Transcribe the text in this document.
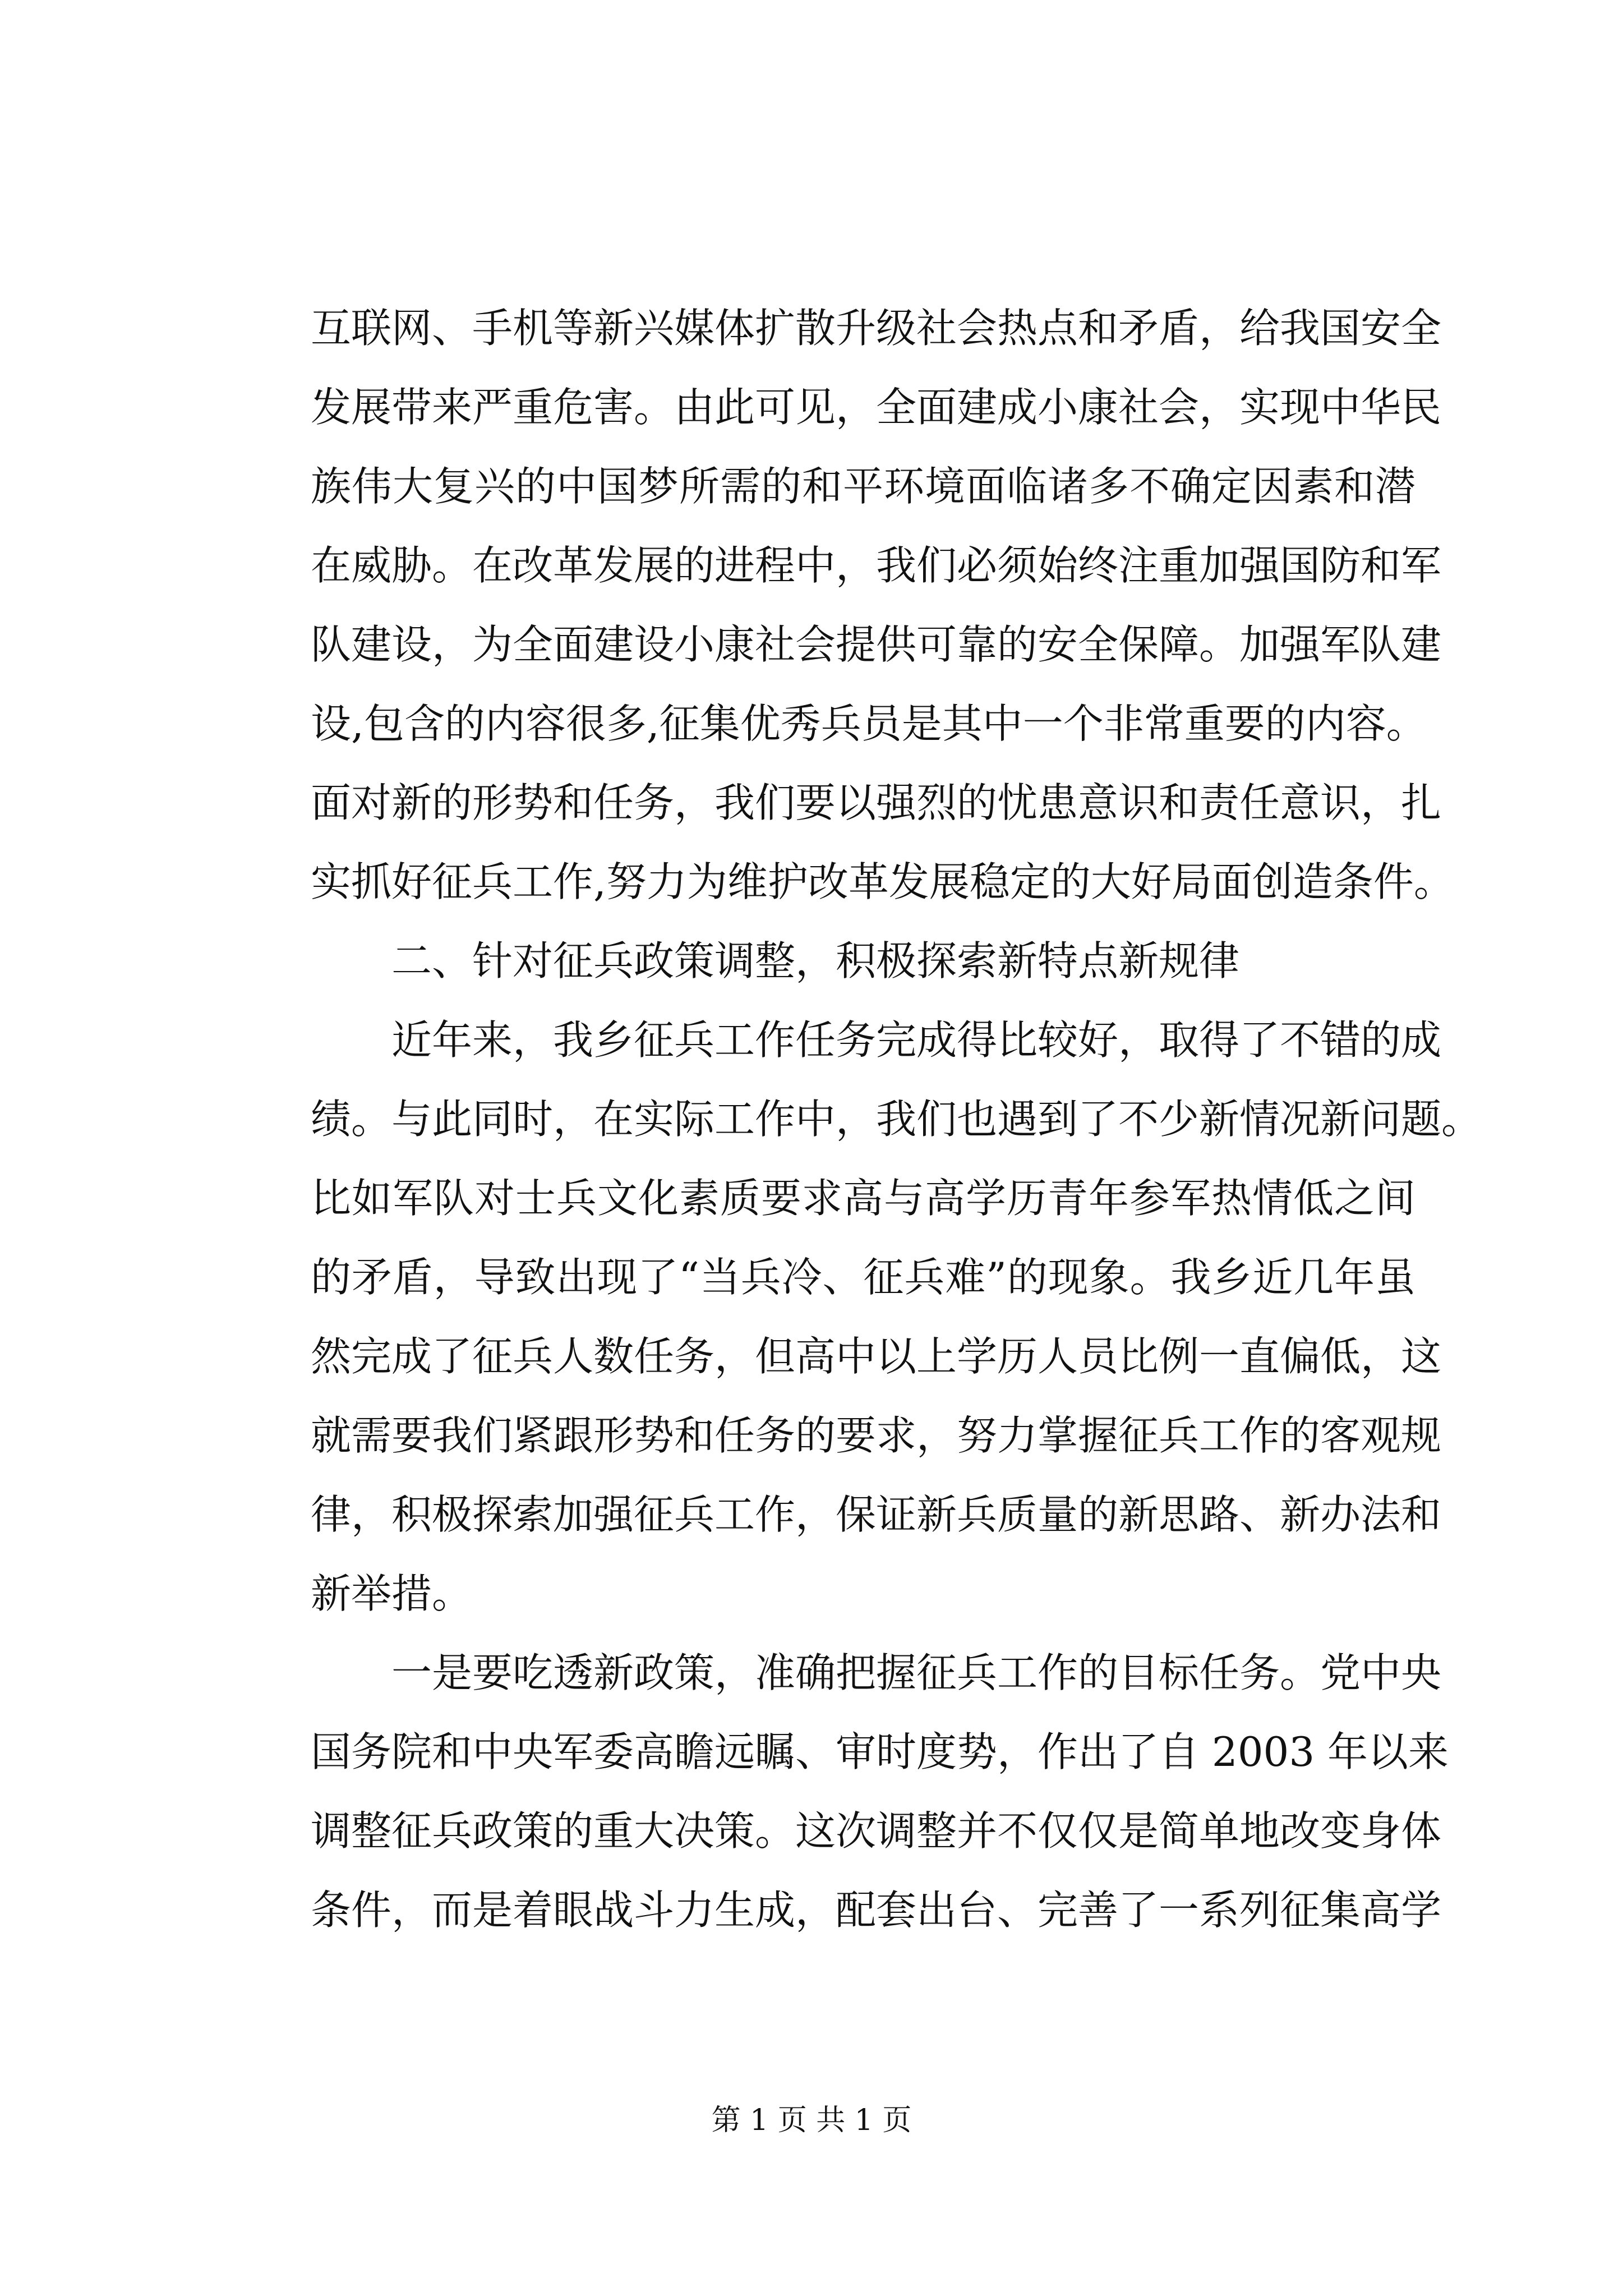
互联网、手机等新兴媒体扩散升级社会热点和矛盾，给我国安全
发展带来严重危害。由此可见，全面建成小康社会，实现中华民
族伟大复兴的中国梦所需的和平环境面临诸多不确定因素和潜
在威胁。在改革发展的进程中，我们必须始终注重加强国防和军
队建设，为全面建设小康社会提供可靠的安全保障。加强军队建
设,包含的内容很多,征集优秀兵员是其中一个非常重要的内容。
面对新的形势和任务，我们要以强烈的忧患意识和责任意识，扎
实抓好征兵工作,努力为维护改革发展稳定的大好局面创造条件。
二、针对征兵政策调整，积极探索新特点新规律
近年来，我乡征兵工作任务完成得比较好，取得了不错的成
绩。与此同时，在实际工作中，我们也遇到了不少新情况新问题。
比如军队对士兵文化素质要求高与高学历青年参军热情低之间
的矛盾，导致出现了“当兵冷、征兵难”的现象。我乡近几年虽
然完成了征兵人数任务，但高中以上学历人员比例一直偏低，这
就需要我们紧跟形势和任务的要求，努力掌握征兵工作的客观规
律，积极探索加强征兵工作，保证新兵质量的新思路、新办法和
新举措。
一是要吃透新政策，准确把握征兵工作的目标任务。党中央
国务院和中央军委高瞻远瞩、审时度势，作出了自 2003 年以来
调整征兵政策的重大决策。这次调整并不仅仅是简单地改变身体
条件，而是着眼战斗力生成，配套出台、完善了一系列征集高学
第 1 页 共 1 页
